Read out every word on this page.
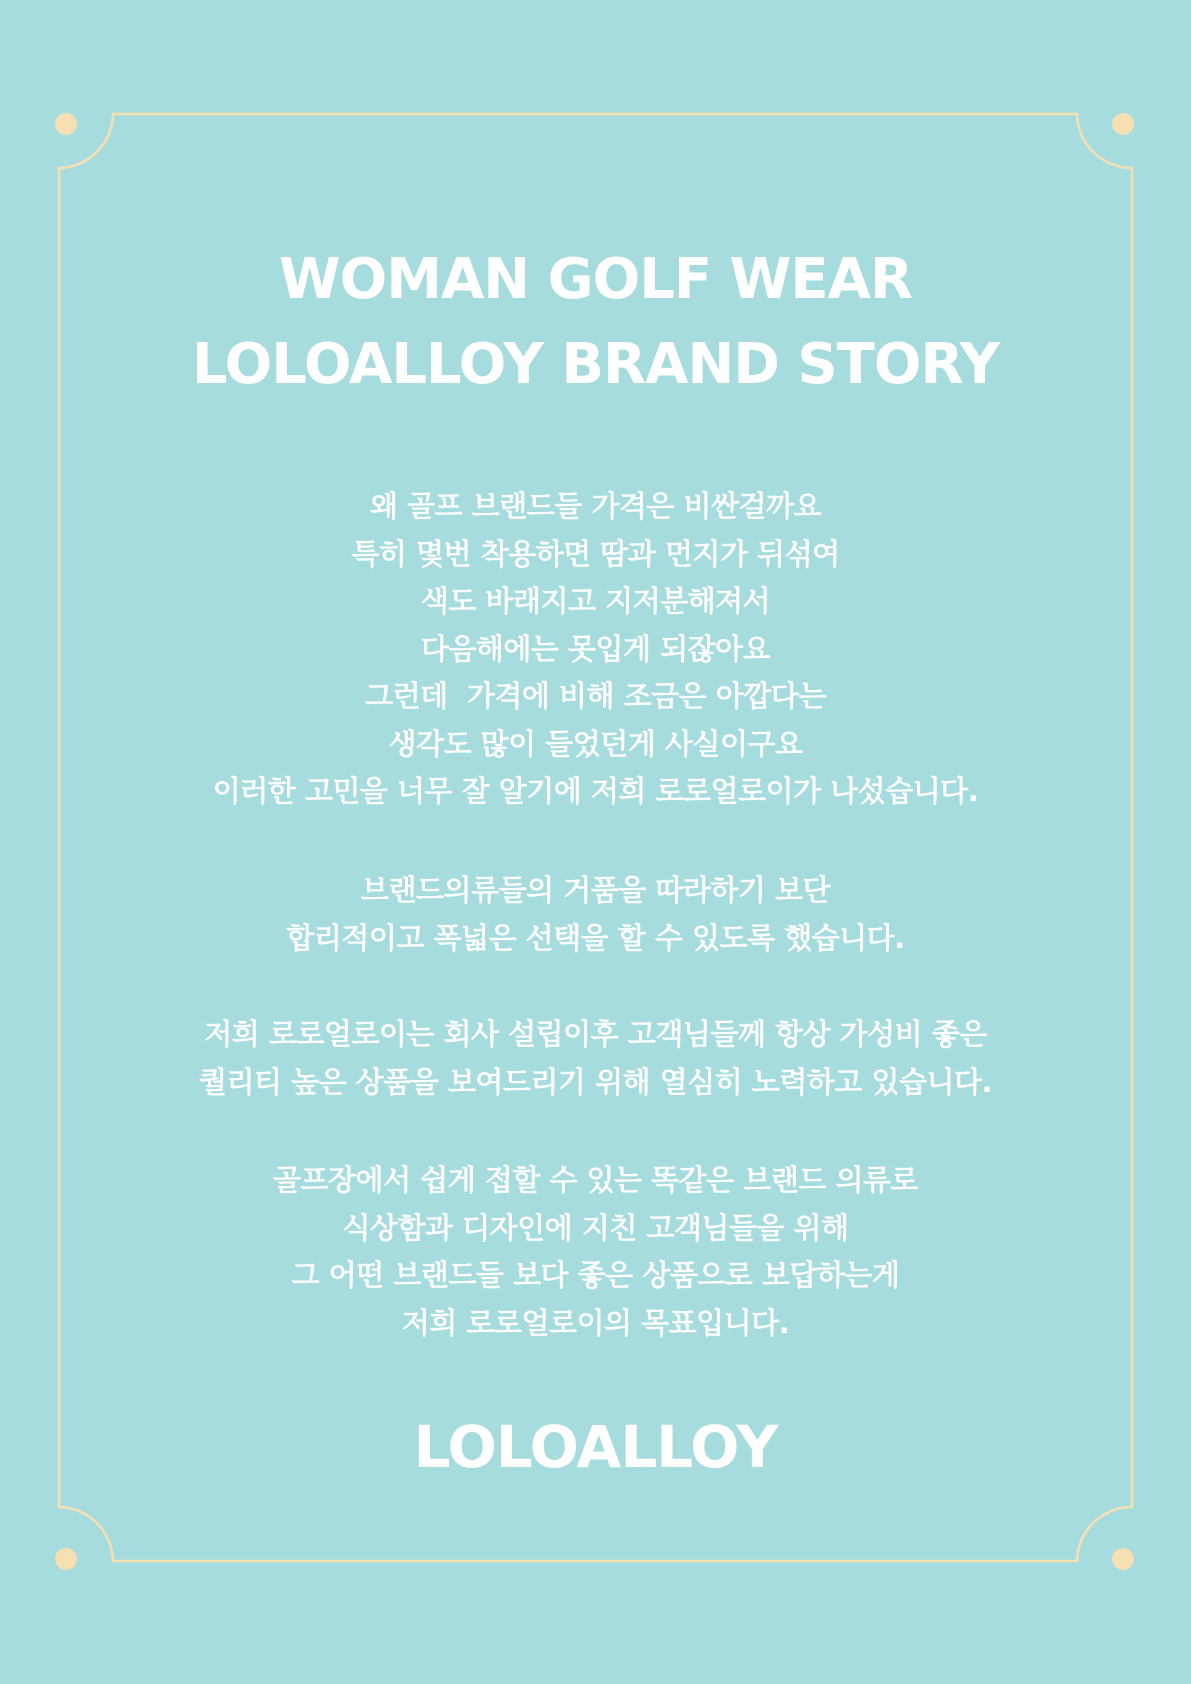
WOMAN GOLF WEAR
LOLOALLOY BRAND STORY
왜 골프 브랜드들 가격은 비싼걸까요
특히 몇번 착용하면 땀과 먼지가 뒤섞여
색도 바래지고 지저분해져서
다음해에는 못입게 되잖아요
그런데  가격에 비해 조금은 아깝다는
생각도 많이 들었던게 사실이구요
이러한 고민을 너무 잘 알기에 저희 로로얼로이가 나섰습니다.
브랜드의류들의 거품을 따라하기 보단
합리적이고 폭넓은 선택을 할 수 있도록 했습니다.
저희 로로얼로이는 회사 설립이후 고객님들께 항상 가성비 좋은
퀄리티 높은 상품을 보여드리기 위해 열심히 노력하고 있습니다.
골프장에서 쉽게 접할 수 있는 똑같은 브랜드 의류로
식상함과 디자인에 지친 고객님들을 위해
그 어떤 브랜드들 보다 좋은 상품으로 보답하는게
저희 로로얼로이의 목표입니다.
LOLOALLOY
